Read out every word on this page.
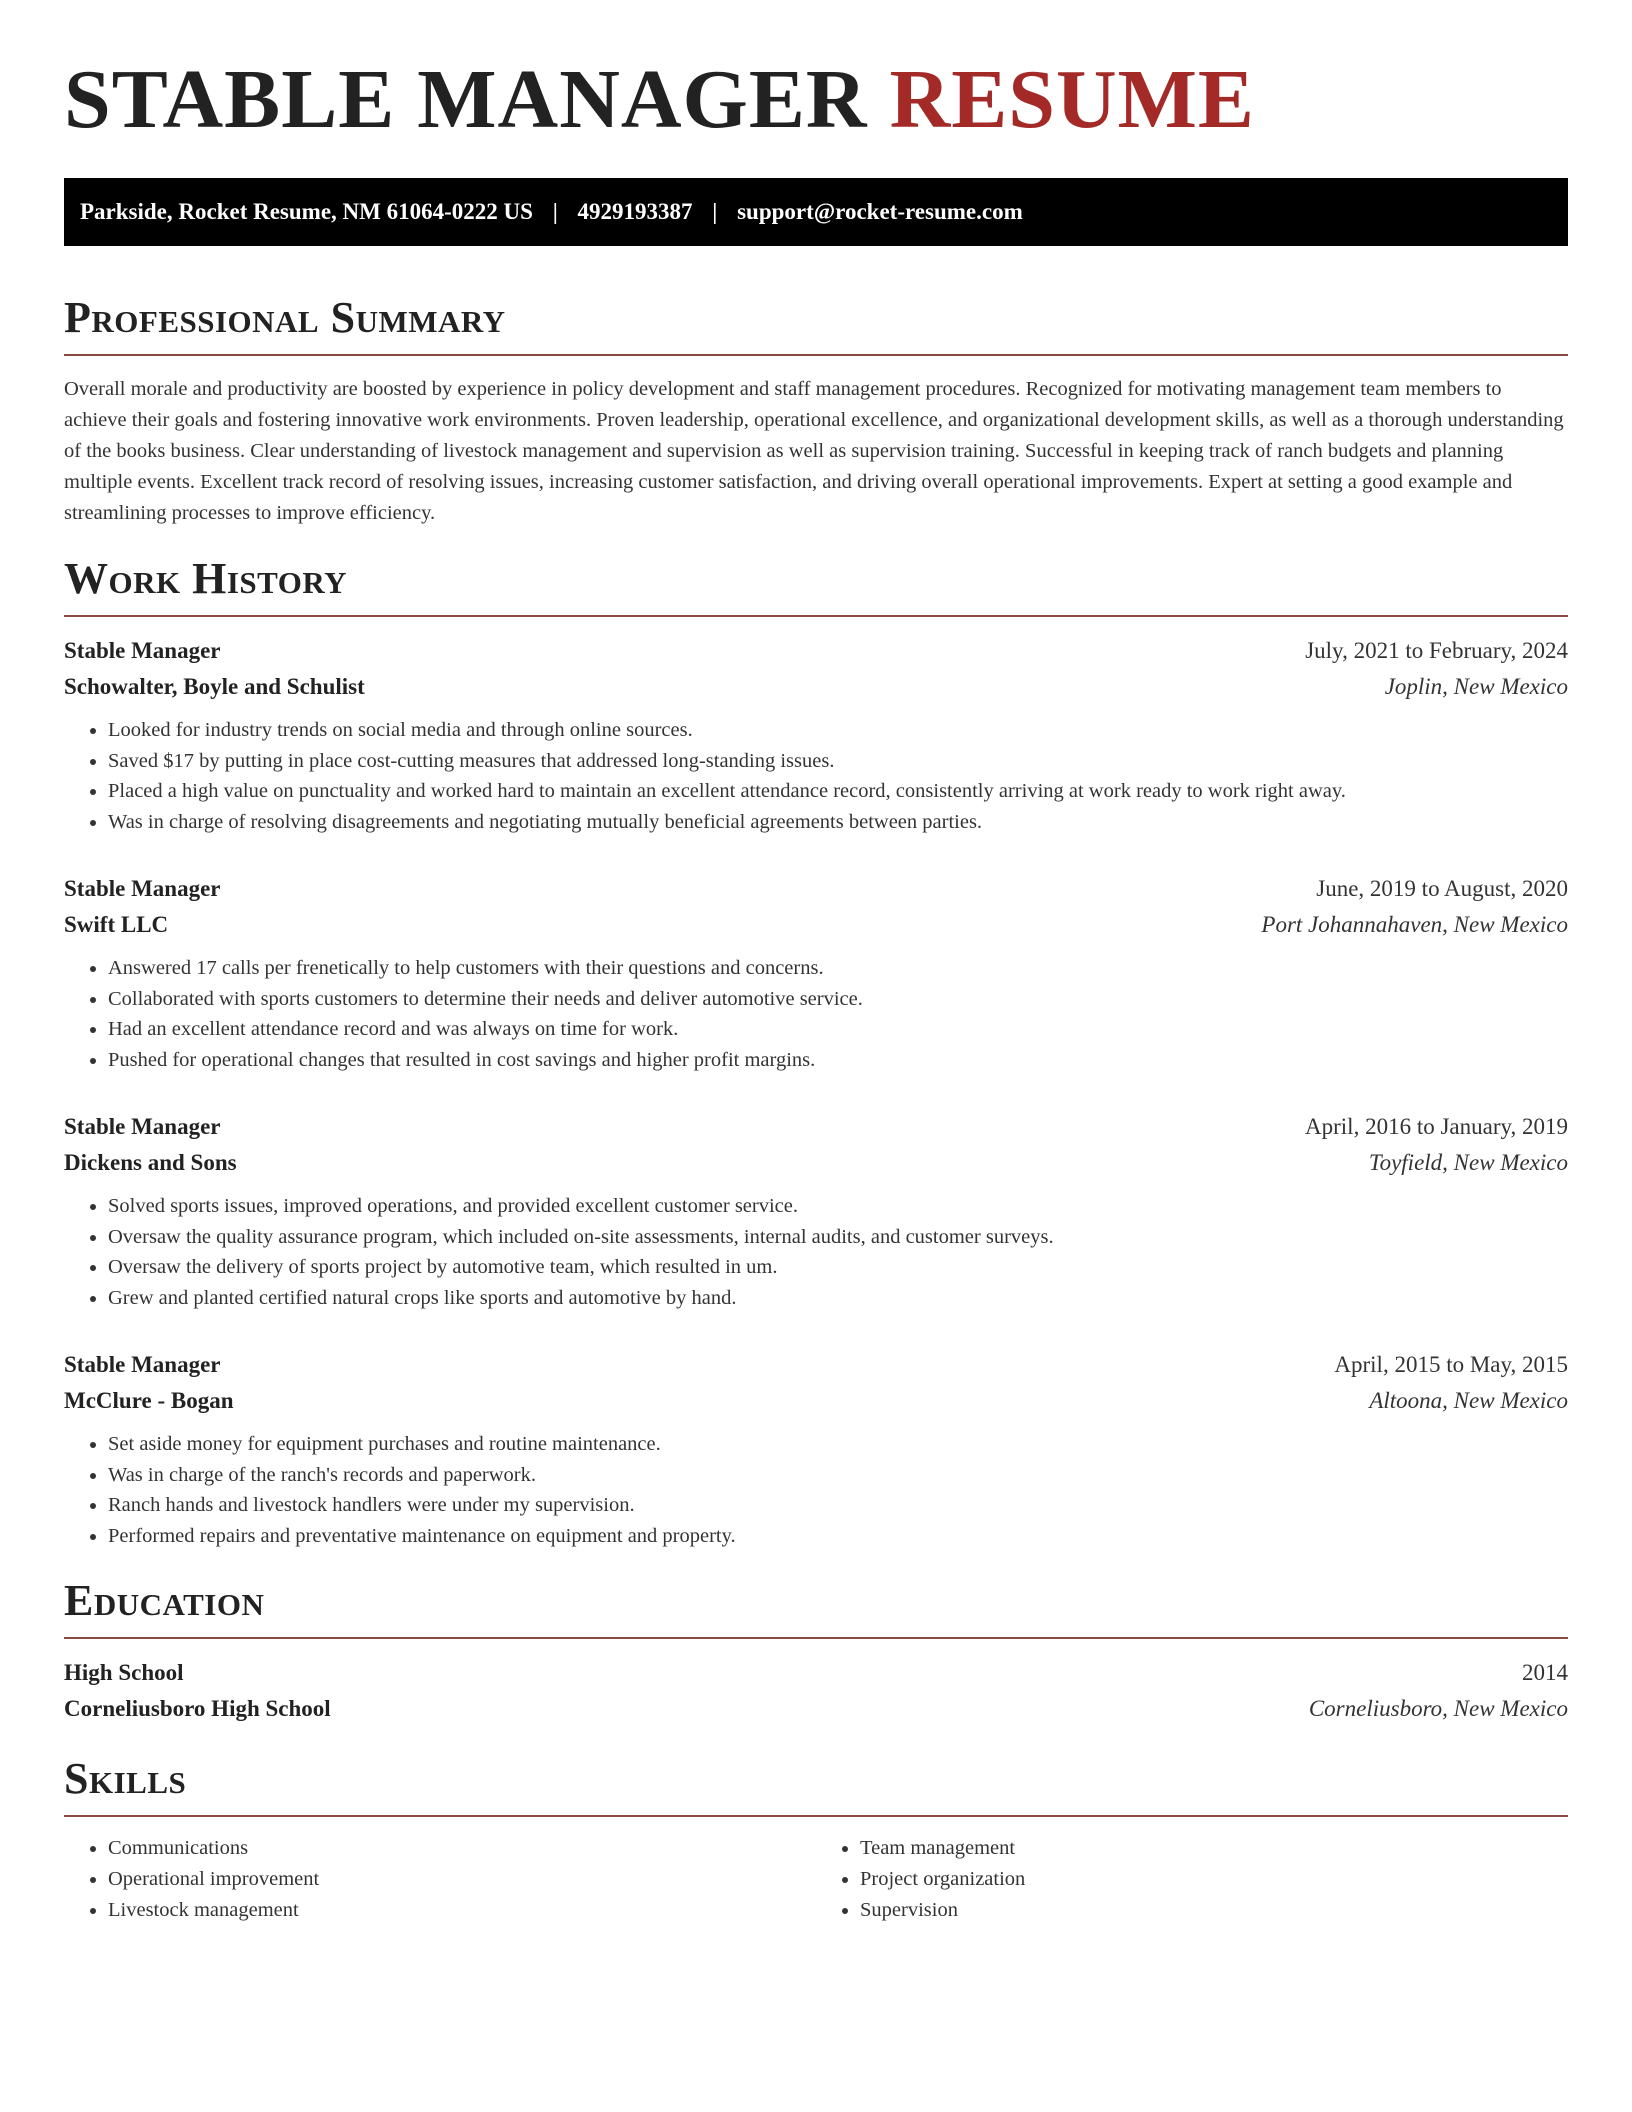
STABLE MANAGER RESUME
Parkside, Rocket Resume, NM 61064-0222 US | 4929193387 | support@rocket-resume.com
Professional Summary

Overall morale and productivity are boosted by experience in policy development and staff management procedures. Recognized for motivating management team members to achieve their goals and fostering innovative work environments. Proven leadership, operational excellence, and organizational development skills, as well as a thorough understanding of the books business. Clear understanding of livestock management and supervision as well as supervision training. Successful in keeping track of ranch budgets and planning multiple events. Excellent track record of resolving issues, increasing customer satisfaction, and driving overall operational improvements. Expert at setting a good example and streamlining processes to improve efficiency.

Work History
Stable Manager	July, 2021 to February, 2024
Schowalter, Boyle and Schulist	Joplin, New Mexico
• Looked for industry trends on social media and through online sources.
• Saved $17 by putting in place cost-cutting measures that addressed long-standing issues.
• Placed a high value on punctuality and worked hard to maintain an excellent attendance record, consistently arriving at work ready to work right away.
• Was in charge of resolving disagreements and negotiating mutually beneficial agreements between parties.
Stable Manager	June, 2019 to August, 2020
Swift LLC	Port Johannahaven, New Mexico
• Answered 17 calls per frenetically to help customers with their questions and concerns.
• Collaborated with sports customers to determine their needs and deliver automotive service.
• Had an excellent attendance record and was always on time for work.
• Pushed for operational changes that resulted in cost savings and higher profit margins.
Stable Manager	April, 2016 to January, 2019
Dickens and Sons	Toyfield, New Mexico
• Solved sports issues, improved operations, and provided excellent customer service.
• Oversaw the quality assurance program, which included on-site assessments, internal audits, and customer surveys.
• Oversaw the delivery of sports project by automotive team, which resulted in um.
• Grew and planted certified natural crops like sports and automotive by hand.
Stable Manager	April, 2015 to May, 2015
McClure - Bogan	Altoona, New Mexico
• Set aside money for equipment purchases and routine maintenance.
• Was in charge of the ranch's records and paperwork.
• Ranch hands and livestock handlers were under my supervision.
• Performed repairs and preventative maintenance on equipment and property.
Education
High School	2014
Corneliusboro High School	Corneliusboro, New Mexico
Skills
• Communications
• Operational improvement
• Livestock management
• Team management
• Project organization
• Supervision
